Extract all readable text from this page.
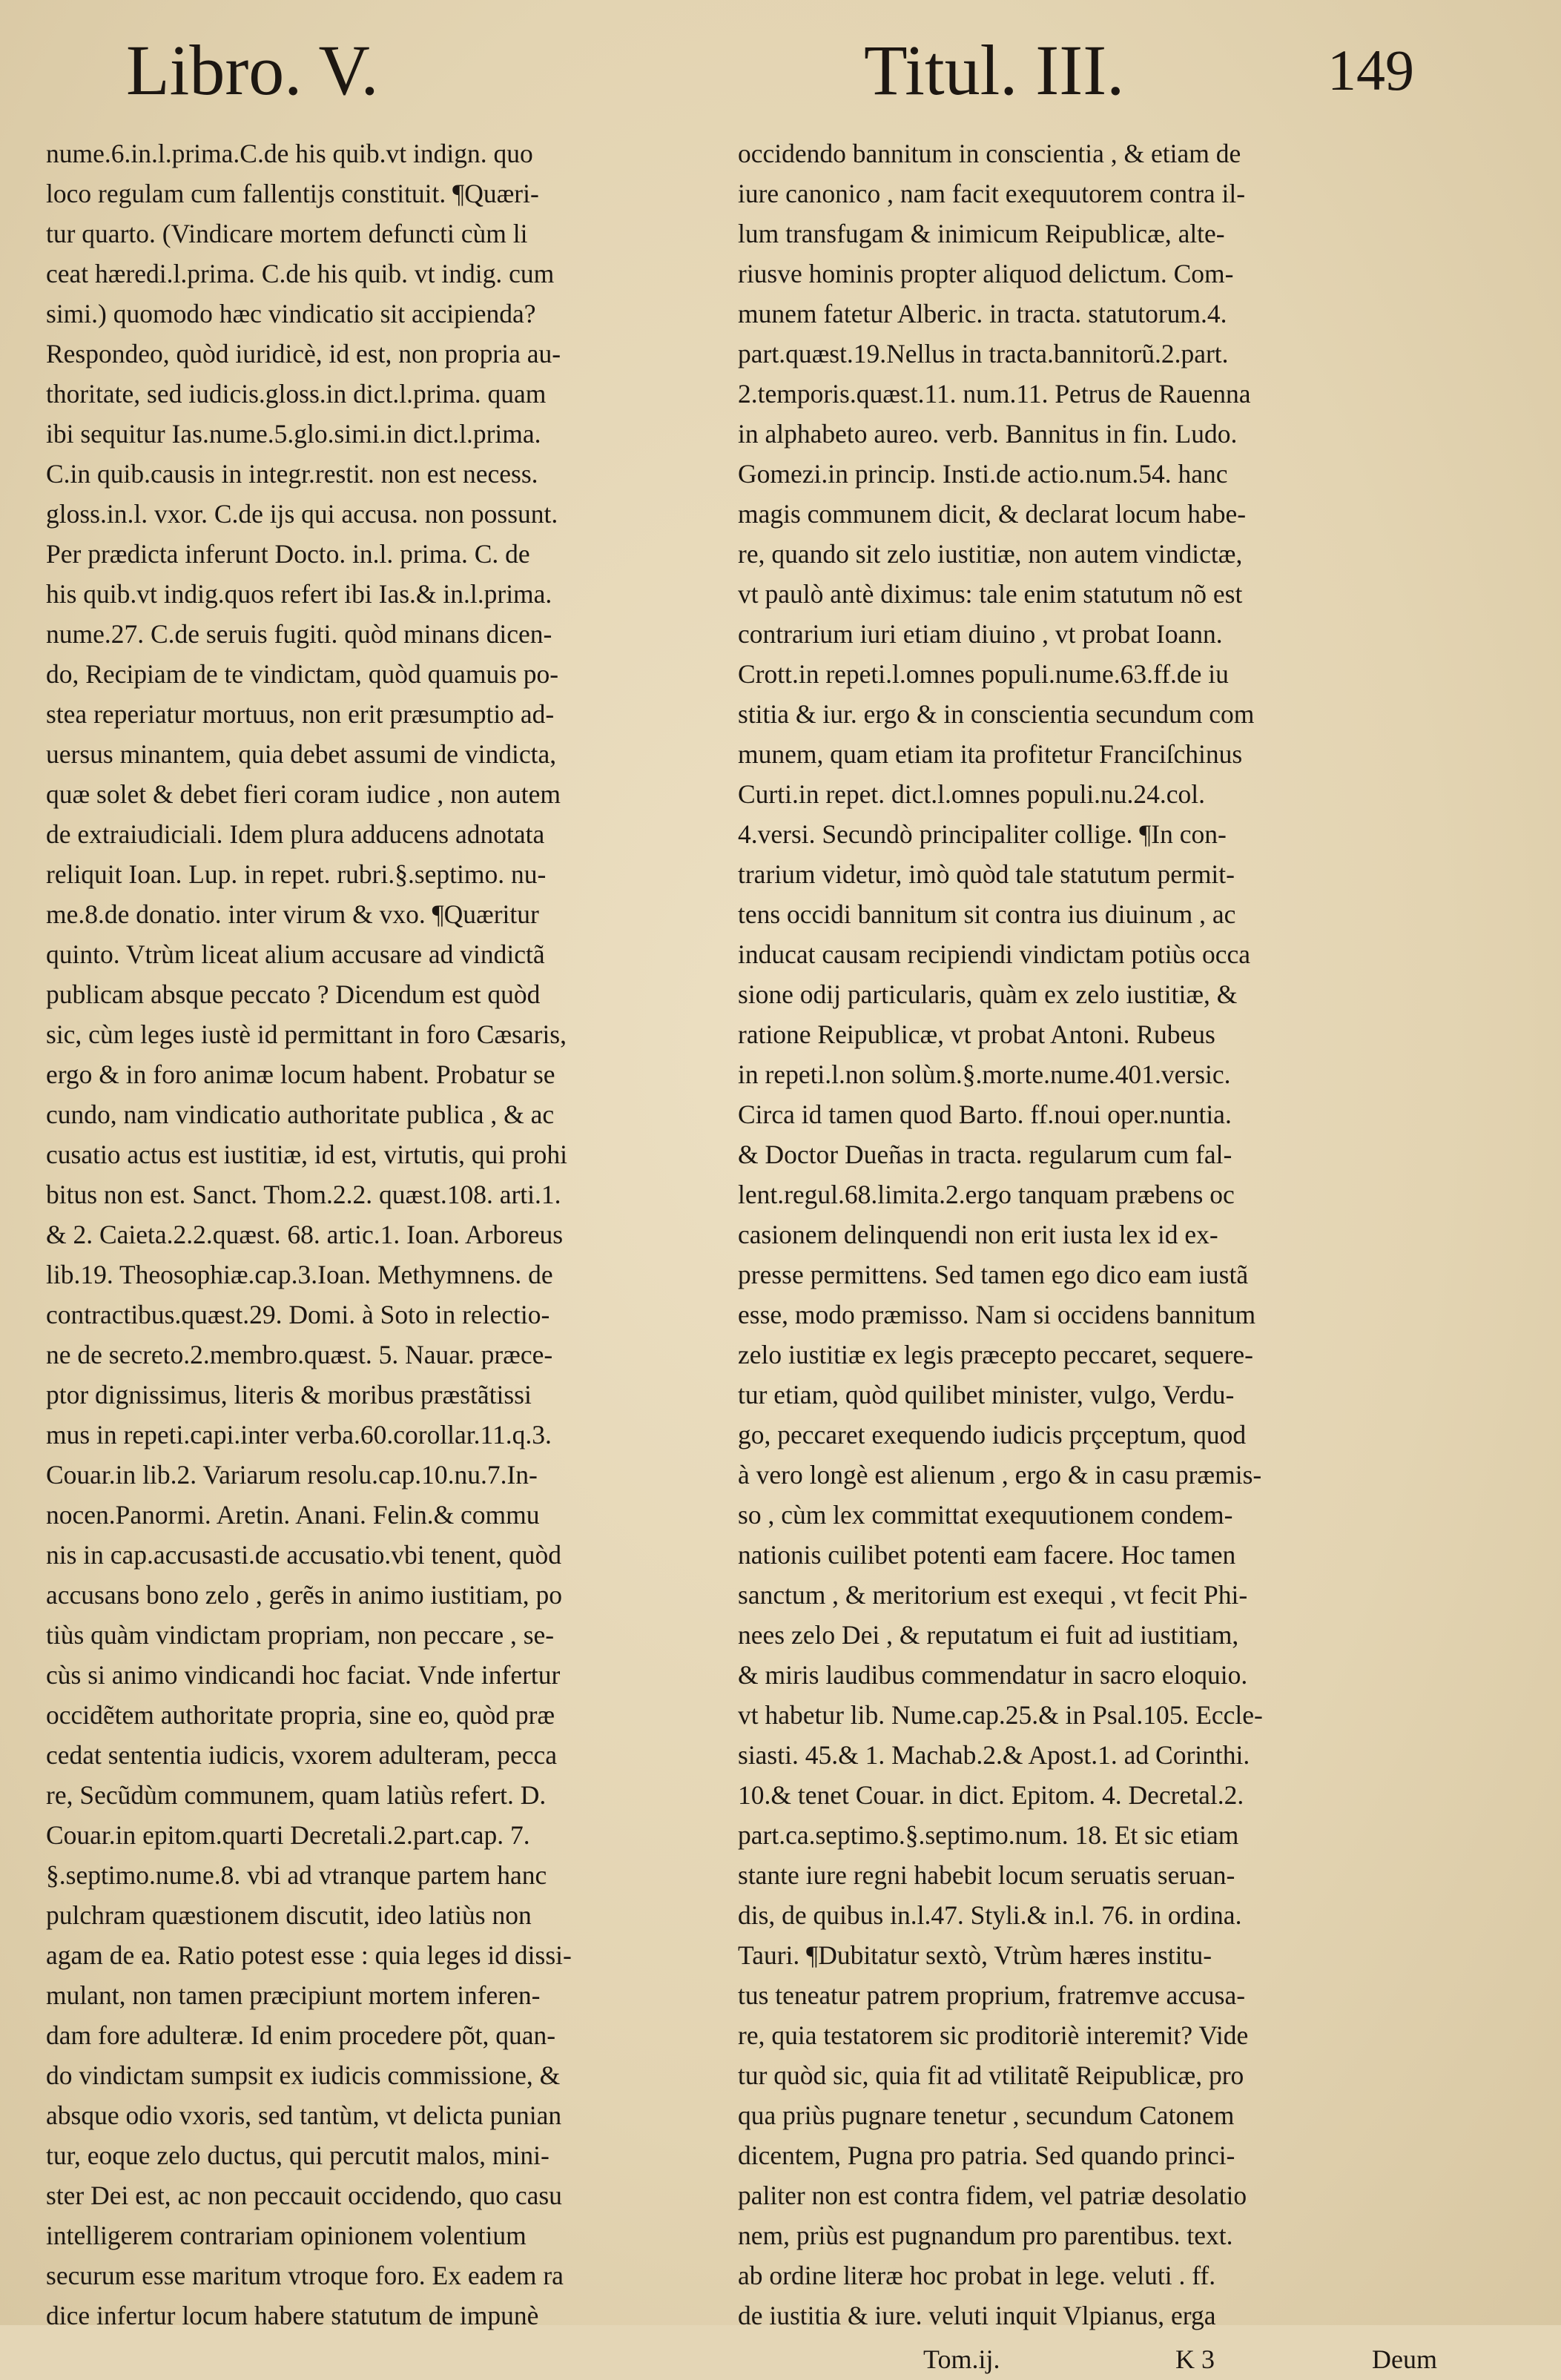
Libro. V.	Titul. III.	149
nume.6.in.l.prima.C.de his quib.vt indign. quo
loco regulam cum fallentijs constituit. ¶Quæri-
tur quarto. (Vindicare mortem defuncti cùm li
ceat hæredi.l.prima. C.de his quib. vt indig. cum
simi.) quomodo hæc vindicatio sit accipienda?
Respondeo, quòd iuridicè, id est, non propria au-
thoritate, sed iudicis.gloss.in dict.l.prima. quam
ibi sequitur Ias.nume.5.glo.simi.in dict.l.prima.
C.in quib.causis in integr.restit. non est necess.
gloss.in.l. vxor. C.de ijs qui accusa. non possunt.
Per prædicta inferunt Docto. in.l. prima. C. de
his quib.vt indig.quos refert ibi Ias.& in.l.prima.
nume.27. C.de seruis fugiti. quòd minans dicen-
do, Recipiam de te vindictam, quòd quamuis po-
stea reperiatur mortuus, non erit præsumptio ad-
uersus minantem, quia debet assumi de vindicta,
quæ solet & debet fieri coram iudice , non autem
de extraiudiciali. Idem plura adducens adnotata
reliquit Ioan. Lup. in repet. rubri.§.septimo. nu-
me.8.de donatio. inter virum & vxo. ¶Quæritur
quinto. Vtrùm liceat alium accusare ad vindictã
publicam absque peccato ? Dicendum est quòd
sic, cùm leges iustè id permittant in foro Cæsaris,
ergo & in foro animæ locum habent. Probatur se
cundo, nam vindicatio authoritate publica , & ac
cusatio actus est iustitiæ, id est, virtutis, qui prohi
bitus non est. Sanct. Thom.2.2. quæst.108. arti.1.
& 2. Caieta.2.2.quæst. 68. artic.1. Ioan. Arboreus
lib.19. Theosophiæ.cap.3.Ioan. Methymnens. de
contractibus.quæst.29. Domi. à Soto in relectio-
ne de secreto.2.membro.quæst. 5. Nauar. præce-
ptor dignissimus, literis & moribus præstãtissi
mus in repeti.capi.inter verba.60.corollar.11.q.3.
Couar.in lib.2. Variarum resolu.cap.10.nu.7.In-
nocen.Panormi. Aretin. Anani. Felin.& commu
nis in cap.accusasti.de accusatio.vbi tenent, quòd
accusans bono zelo , gerẽs in animo iustitiam, po
tiùs quàm vindictam propriam, non peccare , se-
cùs si animo vindicandi hoc faciat. Vnde infertur
occidẽtem authoritate propria, sine eo, quòd præ
cedat sententia iudicis, vxorem adulteram, pecca
re, Secũdùm communem, quam latiùs refert. D.
Couar.in epitom.quarti Decretali.2.part.cap. 7.
§.septimo.nume.8. vbi ad vtranque partem hanc
pulchram quæstionem discutit, ideo latiùs non
agam de ea. Ratio potest esse : quia leges id dissi-
mulant, non tamen præcipiunt mortem inferen-
dam fore adulteræ. Id enim procedere põt, quan-
do vindictam sumpsit ex iudicis commissione, &
absque odio vxoris, sed tantùm, vt delicta punian
tur, eoque zelo ductus, qui percutit malos, mini-
ster Dei est, ac non peccauit occidendo, quo casu
intelligerem contrariam opinionem volentium
securum esse maritum vtroque foro. Ex eadem ra
dice infertur locum habere statutum de impunè
occidendo bannitum in conscientia , & etiam de
iure canonico , nam facit exequutorem contra il-
lum transfugam & inimicum Reipublicæ, alte-
riusve hominis propter aliquod delictum. Com-
munem fatetur Alberic. in tracta. statutorum.4.
part.quæst.19.Nellus in tracta.bannitorũ.2.part.
2.temporis.quæst.11. num.11. Petrus de Rauenna
in alphabeto aureo. verb. Bannitus in fin. Ludo.
Gomezi.in princip. Insti.de actio.num.54. hanc
magis communem dicit, & declarat locum habe-
re, quando sit zelo iustitiæ, non autem vindictæ,
vt paulò antè diximus: tale enim statutum nõ est
contrarium iuri etiam diuino , vt probat Ioann.
Crott.in repeti.l.omnes populi.nume.63.ff.de iu
stitia & iur. ergo & in conscientia secundum com
munem, quam etiam ita profitetur Franciſchinus
Curti.in repet. dict.l.omnes populi.nu.24.col.
4.versi. Secundò principaliter collige. ¶In con-
trarium videtur, imò quòd tale statutum permit-
tens occidi bannitum sit contra ius diuinum , ac
inducat causam recipiendi vindictam potiùs occa
sione odij particularis, quàm ex zelo iustitiæ, &
ratione Reipublicæ, vt probat Antoni. Rubeus
in repeti.l.non solùm.§.morte.nume.401.versic.
Circa id tamen quod Barto. ff.noui oper.nuntia.
& Doctor Dueñas in tracta. regularum cum fal-
lent.regul.68.limita.2.ergo tanquam præbens oc
casionem delinquendi non erit iusta lex id ex-
presse permittens. Sed tamen ego dico eam iustã
esse, modo præmisso. Nam si occidens bannitum
zelo iustitiæ ex legis præcepto peccaret, sequere-
tur etiam, quòd quilibet minister, vulgo, Verdu-
go, peccaret exequendo iudicis prçceptum, quod
à vero longè est alienum , ergo & in casu præmis-
so , cùm lex committat exequutionem condem-
nationis cuilibet potenti eam facere. Hoc tamen
sanctum , & meritorium est exequi , vt fecit Phi-
nees zelo Dei , & reputatum ei fuit ad iustitiam,
& miris laudibus commendatur in sacro eloquio.
vt habetur lib. Nume.cap.25.& in Psal.105. Eccle-
siasti. 45.& 1. Machab.2.& Apost.1. ad Corinthi.
10.& tenet Couar. in dict. Epitom. 4. Decretal.2.
part.ca.septimo.§.septimo.num. 18. Et sic etiam
stante iure regni habebit locum seruatis seruan-
dis, de quibus in.l.47. Styli.& in.l. 76. in ordina.
Tauri. ¶Dubitatur sextò, Vtrùm hæres institu-
tus teneatur patrem proprium, fratremve accusa-
re, quia testatorem sic proditoriè interemit? Vide
tur quòd sic, quia fit ad vtilitatẽ Reipublicæ, pro
qua priùs pugnare tenetur , secundum Catonem
dicentem, Pugna pro patria. Sed quando princi-
paliter non est contra fidem, vel patriæ desolatio
nem, priùs est pugnandum pro parentibus. text.
ab ordine literæ hoc probat in lege. veluti . ff.
de iustitia & iure. veluti inquit Vlpianus, erga
Tom.ij.	K 3	Deum
